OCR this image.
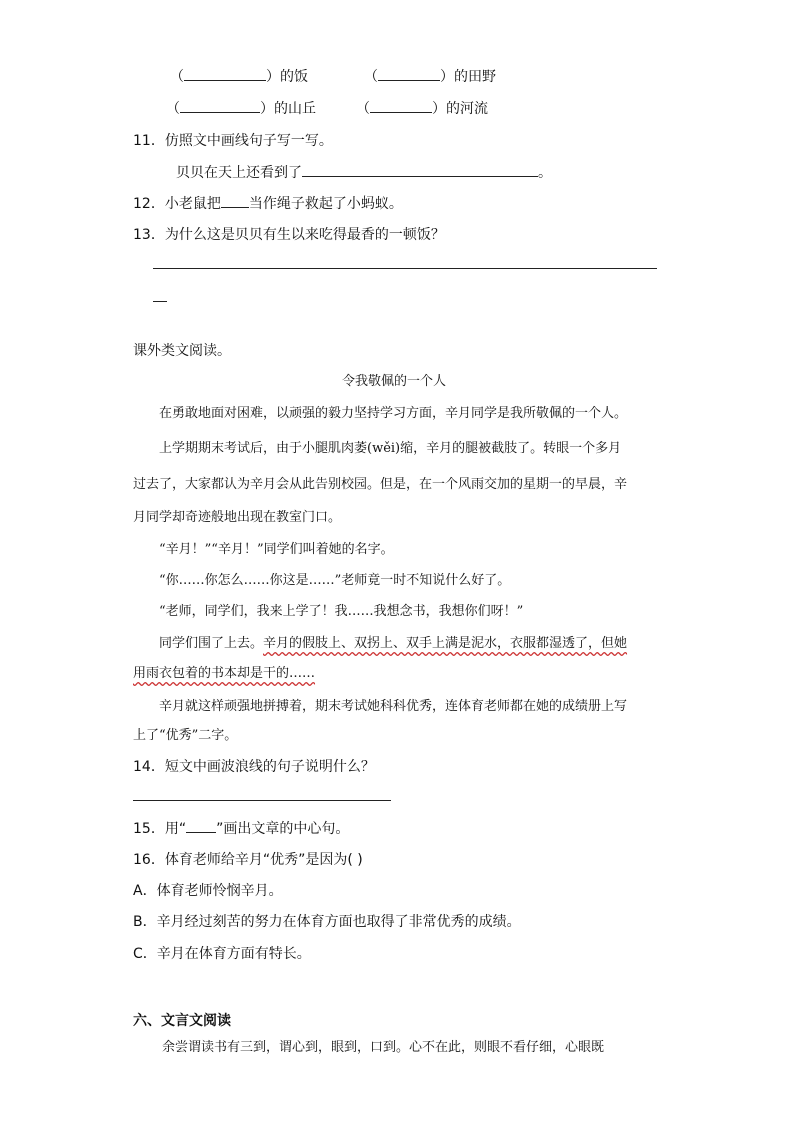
（	）的饭	（	）的田野
（	）的山丘	（	）的河流
11．仿照文中画线句子写一写。
贝贝在天上还看到了	。
12．小老鼠把 当作绳子救起了小蚂蚁。
13．为什么这是贝贝有生以来吃得最香的一顿饭？
课外类文阅读。
令我敬佩的一个人
在勇敢地面对困难，以顽强的毅力坚持学习方面，辛月同学是我所敬佩的一个人。
上学期期末考试后，由于小腿肌肉萎(wěi)缩，辛月的腿被截肢了。转眼一个多月
过去了，大家都认为辛月会从此告别校园。但是，在一个风雨交加的星期一的早晨，辛
月同学却奇迹般地出现在教室门口。
“辛月！”“辛月！”同学们叫着她的名字。
“你……你怎么……你这是……”老师竟一时不知说什么好了。
“老师，同学们，我来上学了！我……我想念书，我想你们呀！”
同学们围了上去。辛月的假肢上、双拐上、双手上满是泥水，衣服都湿透了，但她
用雨衣包着的书本却是干的……
辛月就这样顽强地拼搏着，期末考试她科科优秀，连体育老师都在她的成绩册上写
上了“优秀”二字。
14．短文中画波浪线的句子说明什么？
15．用“ ”画出文章的中心句。
16．体育老师给辛月“优秀”是因为( )
A．体育老师怜悯辛月。
B．辛月经过刻苦的努力在体育方面也取得了非常优秀的成绩。
C．辛月在体育方面有特长。
六、文言文阅读
余尝谓读书有三到，谓心到，眼到，口到。心不在此，则眼不看仔细，心眼既
